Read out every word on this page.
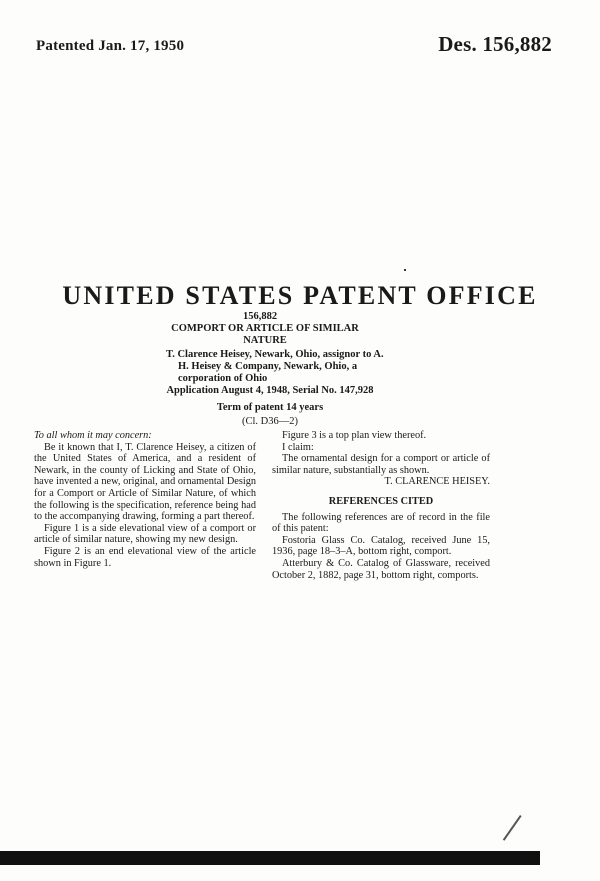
Patented Jan. 17, 1950	Des. 156,882
UNITED STATES PATENT OFFICE
156,882
COMPORT OR ARTICLE OF SIMILAR NATURE
T. Clarence Heisey, Newark, Ohio, assignor to A. H. Heisey & Company, Newark, Ohio, a corporation of Ohio
Application August 4, 1948, Serial No. 147,928
Term of patent 14 years
(Cl. D36—2)

To all whom it may concern:

Be it known that I, T. Clarence Heisey, a citizen of the United States of America, and a resident of Newark, in the county of Licking and State of Ohio, have invented a new, original, and ornamental Design for a Comport or Article of Similar Nature, of which the following is the specification, reference being had to the accompanying drawing, forming a part thereof.

Figure 1 is a side elevational view of a comport or article of similar nature, showing my new design.

Figure 2 is an end elevational view of the article shown in Figure 1.

Figure 3 is a top plan view thereof.

I claim:

The ornamental design for a comport or article of similar nature, substantially as shown.

T. CLARENCE HEISEY.

REFERENCES CITED

The following references are of record in the file of this patent:

Fostoria Glass Co. Catalog, received June 15, 1936, page 18–3–A, bottom right, comport.

Atterbury & Co. Catalog of Glassware, received October 2, 1882, page 31, bottom right, comports.
